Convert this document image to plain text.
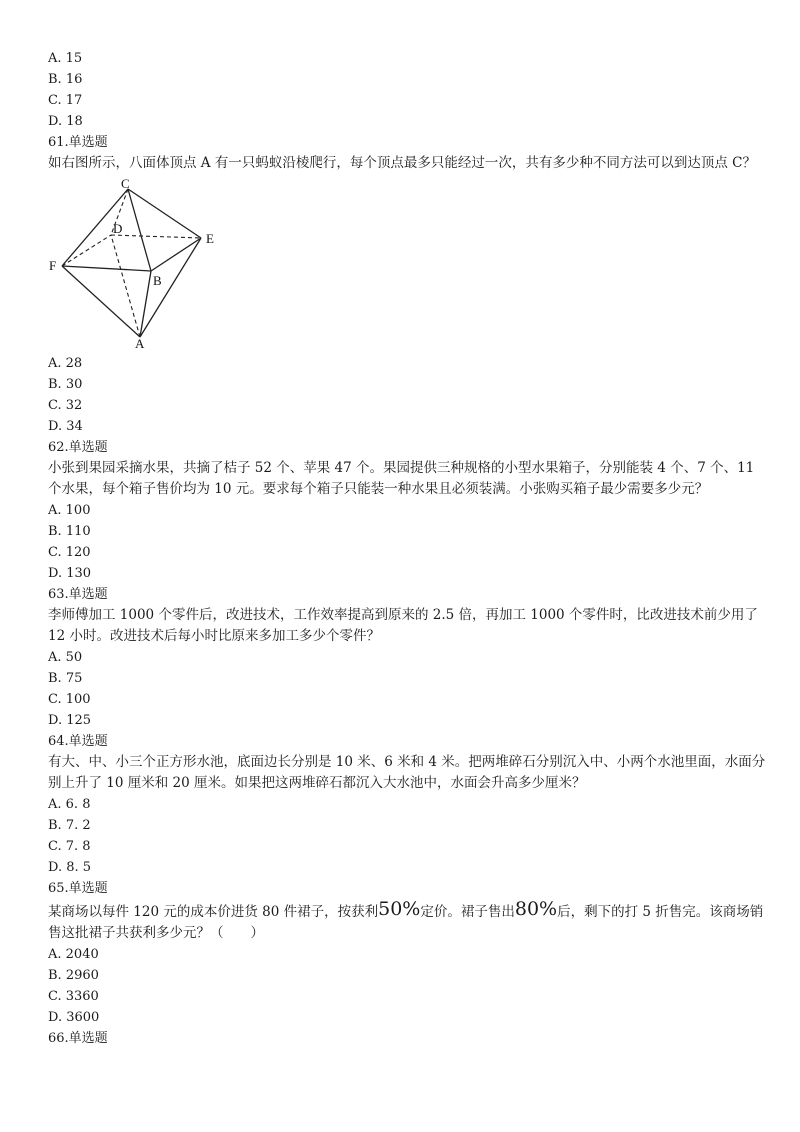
A. 15
B. 16
C. 17
D. 18
61.单选题
如右图所示，八面体顶点 A 有一只蚂蚁沿棱爬行，每个顶点最多只能经过一次，共有多少种不同方法可以到达顶点 C？
C
D
E
F
B
A
A. 28
B. 30
C. 32
D. 34
62.单选题
小张到果园采摘水果，共摘了桔子 52 个、苹果 47 个。果园提供三种规格的小型水果箱子，分别能装 4 个、7 个、11 个水果，每个箱子售价均为 10 元。要求每个箱子只能装一种水果且必须装满。小张购买箱子最少需要多少元？
A. 100
B. 110
C. 120
D. 130
63.单选题
李师傅加工 1000 个零件后，改进技术，工作效率提高到原来的 2.5 倍，再加工 1000 个零件时，比改进技术前少用了 12 小时。改进技术后每小时比原来多加工多少个零件？
A. 50
B. 75
C. 100
D. 125
64.单选题
有大、中、小三个正方形水池，底面边长分别是 10 米、6 米和 4 米。把两堆碎石分别沉入中、小两个水池里面，水面分别上升了 10 厘米和 20 厘米。如果把这两堆碎石都沉入大水池中，水面会升高多少厘米？
A. 6. 8
B. 7. 2
C. 7. 8
D. 8. 5
65.单选题
某商场以每件 120 元的成本价进货 80 件裙子，按获利50%定价。裙子售出80%后，剩下的打 5 折售完。该商场销售这批裙子共获利多少元？（　　）
A. 2040
B. 2960
C. 3360
D. 3600
66.单选题
